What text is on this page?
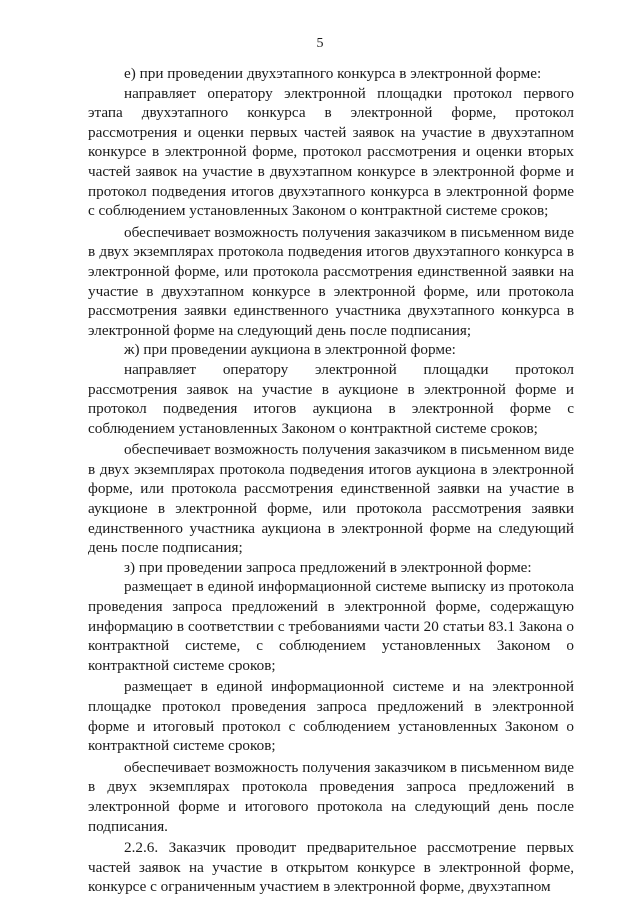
5

е) при проведении двухэтапного конкурса в электронной форме:

направляет оператору электронной площадки протокол первого этапа двухэтапного конкурса в электронной форме, протокол рассмотрения и оценки первых частей заявок на участие в двухэтапном конкурсе в электронной форме, протокол рассмотрения и оценки вторых частей заявок на участие в двухэтапном конкурсе в электронной форме и протокол подведения итогов двухэтапного конкурса в электронной форме с соблюдением установленных Законом о контрактной системе сроков;

обеспечивает возможность получения заказчиком в письменном виде в двух экземплярах протокола подведения итогов двухэтапного конкурса в электронной форме, или протокола рассмотрения единственной заявки на участие в двухэтапном конкурсе в электронной форме, или протокола рассмотрения заявки единственного участника двухэтапного конкурса в электронной форме на следующий день после подписания;

ж) при проведении аукциона в электронной форме:

направляет оператору электронной площадки протокол рассмотрения заявок на участие в аукционе в электронной форме и протокол подведения итогов аукциона в электронной форме с соблюдением установленных Законом о контрактной системе сроков;

обеспечивает возможность получения заказчиком в письменном виде в двух экземплярах протокола подведения итогов аукциона в электронной форме, или протокола рассмотрения единственной заявки на участие в аукционе в электронной форме, или протокола рассмотрения заявки единственного участника аукциона в электронной форме на следующий день после подписания;

з) при проведении запроса предложений в электронной форме:

размещает в единой информационной системе выписку из протокола проведения запроса предложений в электронной форме, содержащую информацию в соответствии с требованиями части 20 статьи 83.1 Закона о контрактной системе, с соблюдением установленных Законом о контрактной системе сроков;

размещает в единой информационной системе и на электронной площадке протокол проведения запроса предложений в электронной форме и итоговый протокол с соблюдением установленных Законом о контрактной системе сроков;

обеспечивает возможность получения заказчиком в письменном виде в двух экземплярах протокола проведения запроса предложений в электронной форме и итогового протокола на следующий день после подписания.

2.2.6. Заказчик проводит предварительное рассмотрение первых частей заявок на участие в открытом конкурсе в электронной форме, конкурсе с ограниченным участием в электронной форме, двухэтапном
